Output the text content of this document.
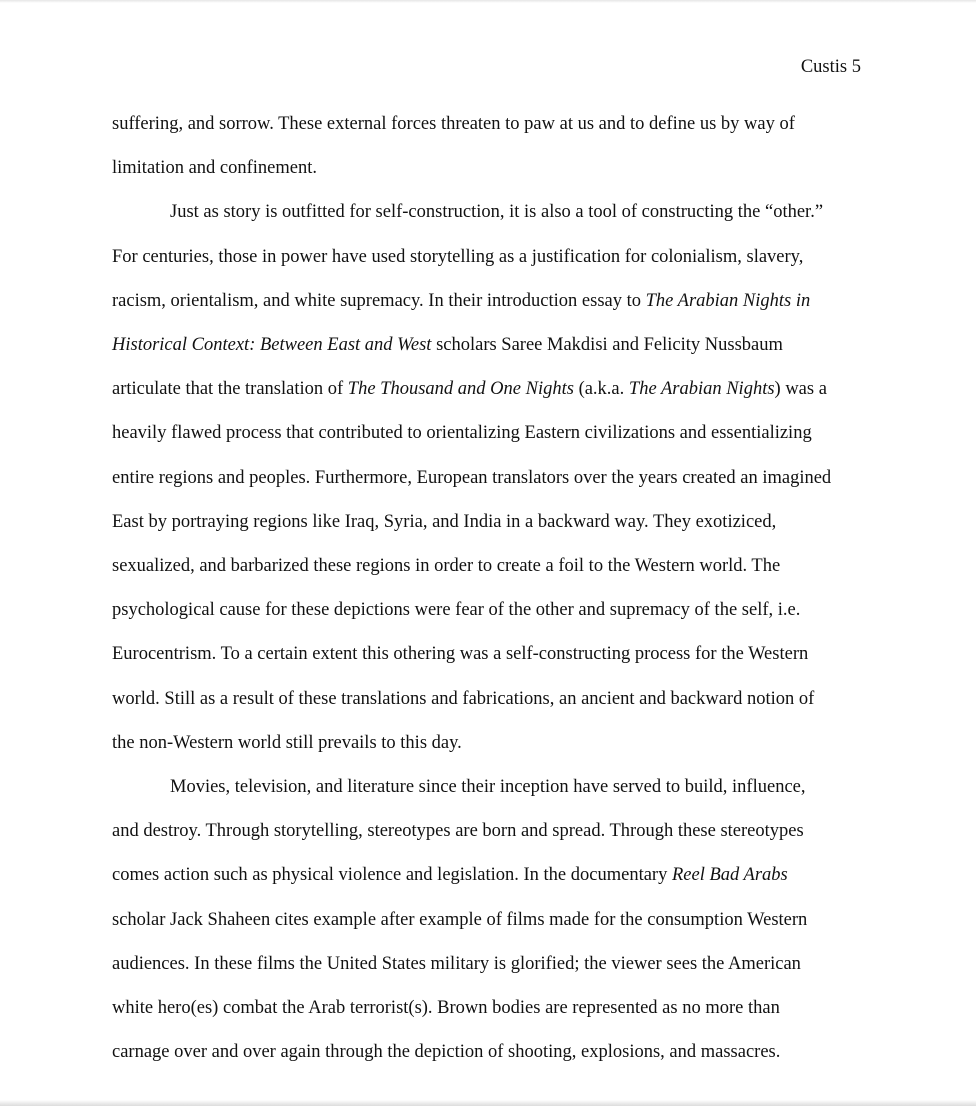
Custis 5
suffering, and sorrow. These external forces threaten to paw at us and to define us by way of
limitation and confinement.
Just as story is outfitted for self-construction, it is also a tool of constructing the “other.”
For centuries, those in power have used storytelling as a justification for colonialism, slavery,
racism, orientalism, and white supremacy. In their introduction essay to The Arabian Nights in
Historical Context: Between East and West scholars Saree Makdisi and Felicity Nussbaum
articulate that the translation of The Thousand and One Nights (a.k.a. The Arabian Nights) was a
heavily flawed process that contributed to orientalizing Eastern civilizations and essentializing
entire regions and peoples. Furthermore, European translators over the years created an imagined
East by portraying regions like Iraq, Syria, and India in a backward way. They exotiziced,
sexualized, and barbarized these regions in order to create a foil to the Western world. The
psychological cause for these depictions were fear of the other and supremacy of the self, i.e.
Eurocentrism. To a certain extent this othering was a self-constructing process for the Western
world. Still as a result of these translations and fabrications, an ancient and backward notion of
the non-Western world still prevails to this day.
Movies, television, and literature since their inception have served to build, influence,
and destroy. Through storytelling, stereotypes are born and spread. Through these stereotypes
comes action such as physical violence and legislation. In the documentary Reel Bad Arabs
scholar Jack Shaheen cites example after example of films made for the consumption Western
audiences. In these films the United States military is glorified; the viewer sees the American
white hero(es) combat the Arab terrorist(s). Brown bodies are represented as no more than
carnage over and over again through the depiction of shooting, explosions, and massacres.
